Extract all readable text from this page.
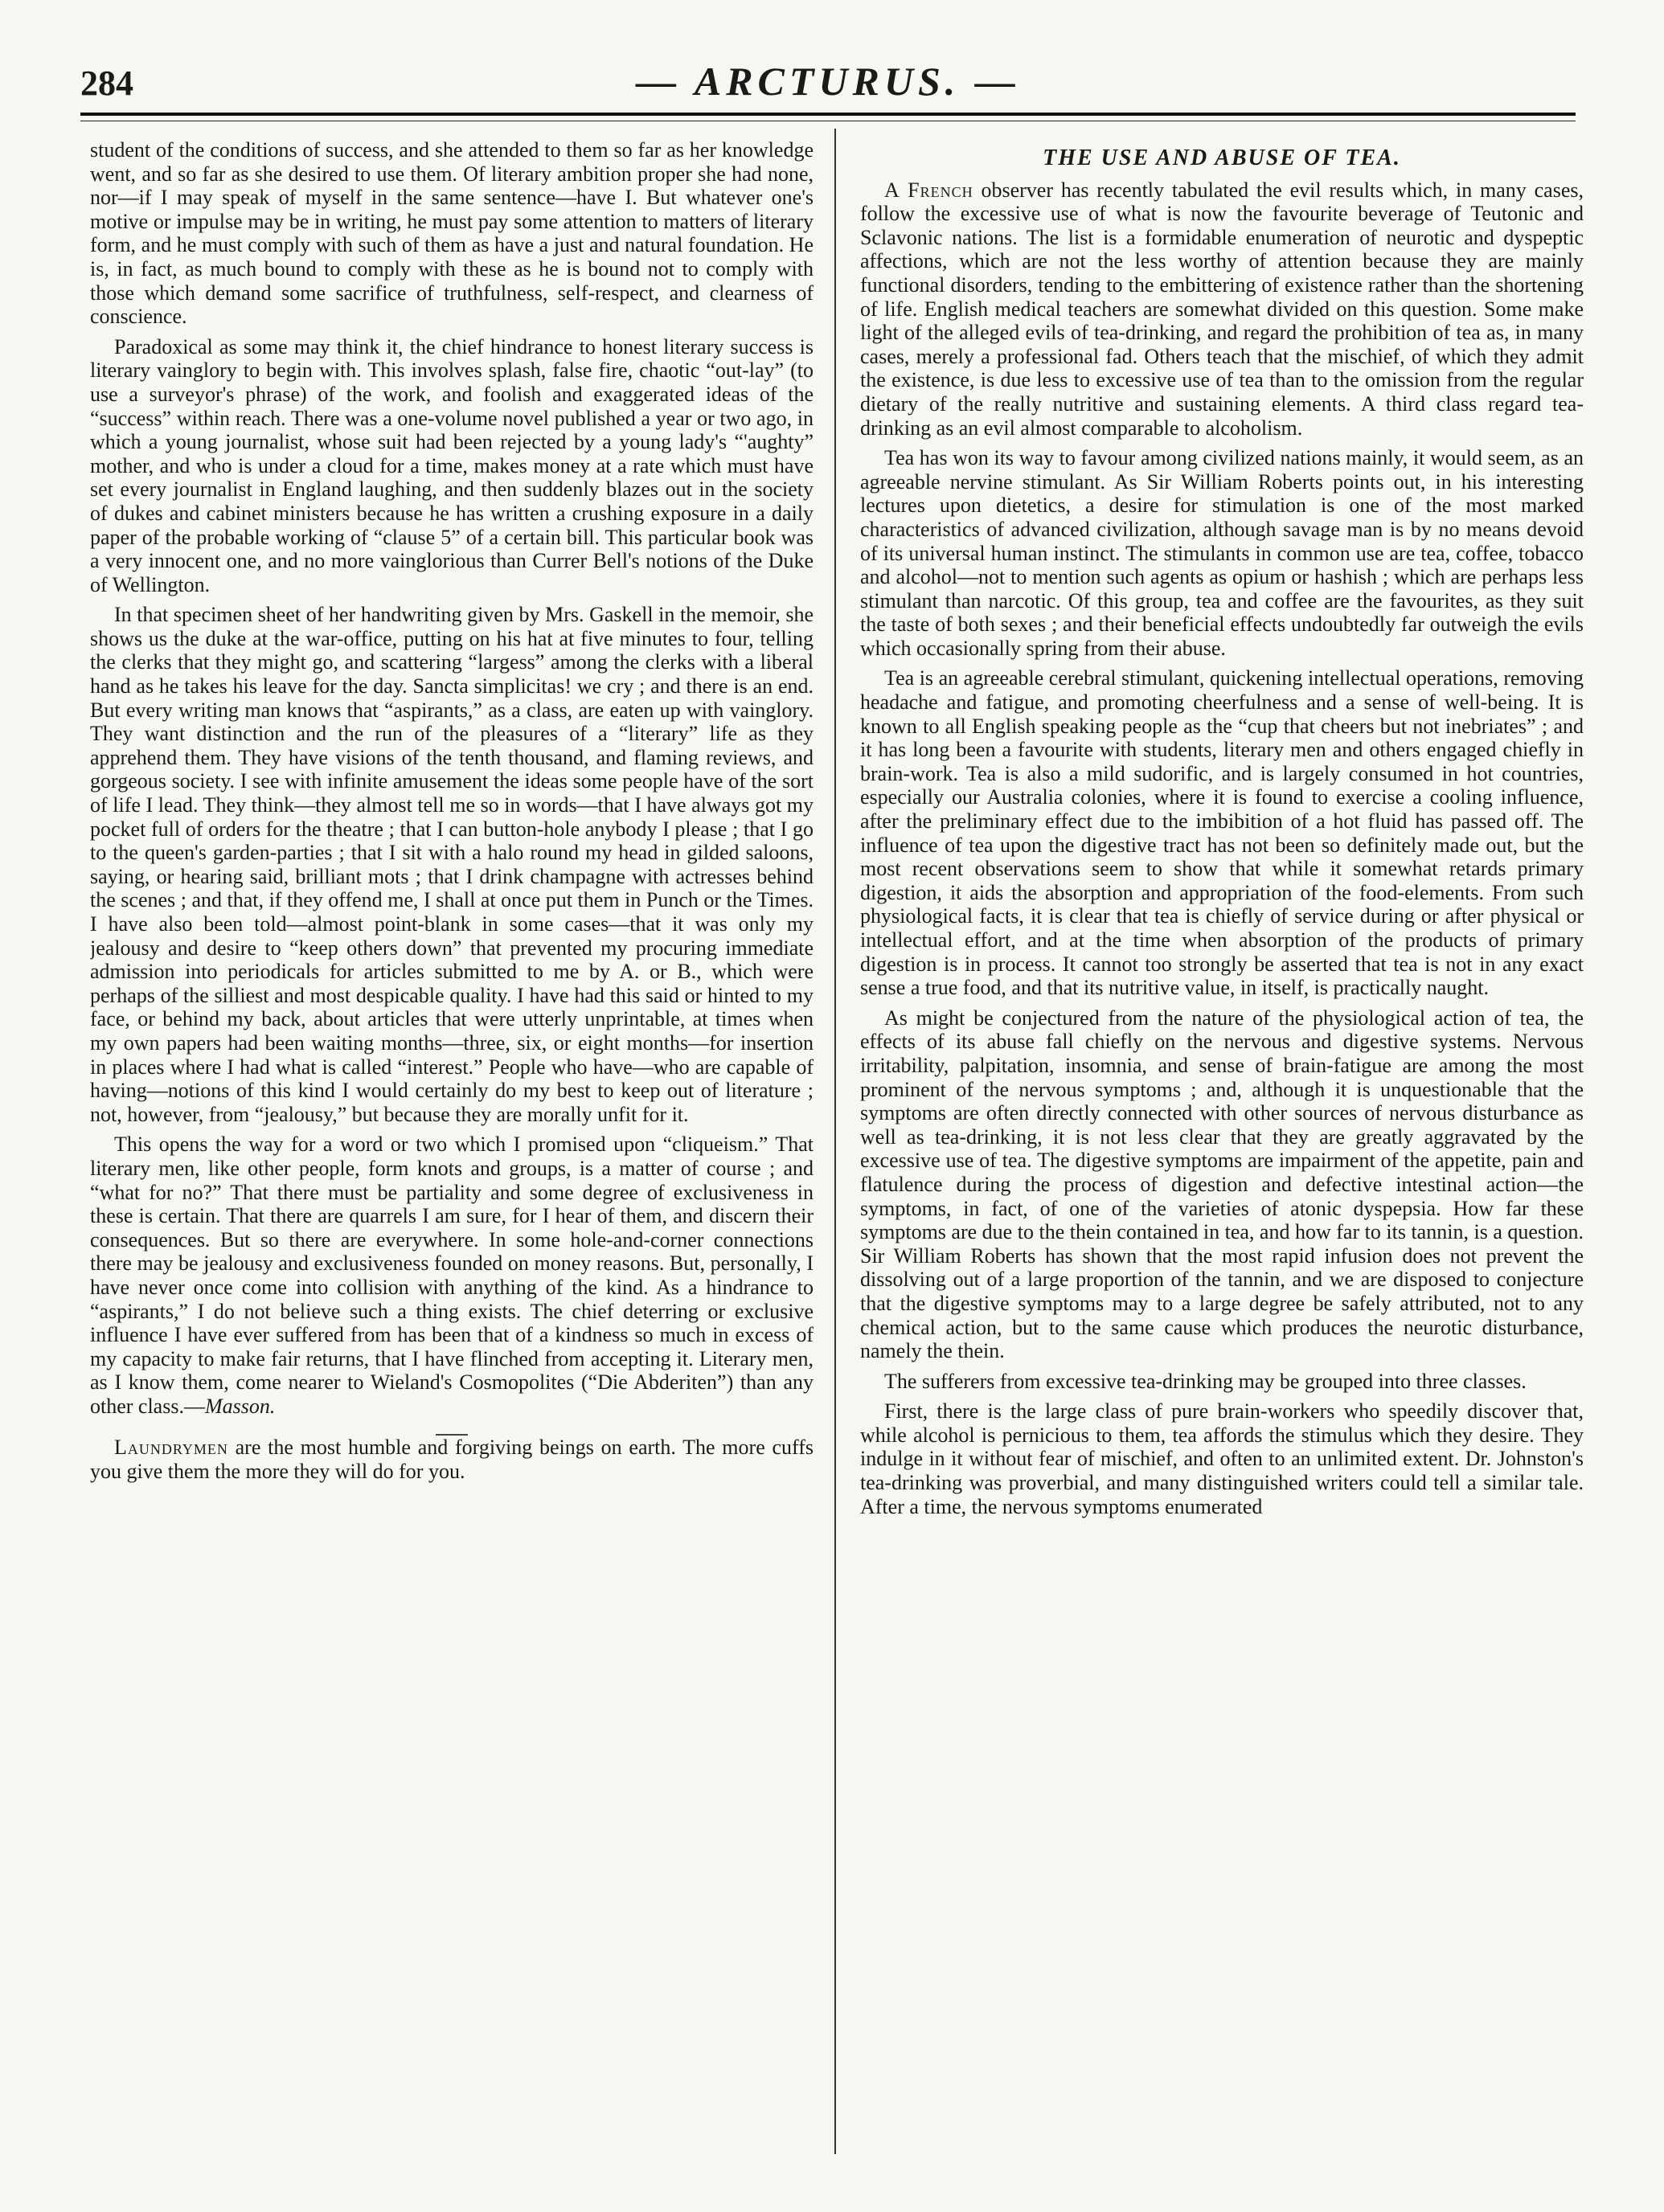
284	— ARCTURUS. —

student of the conditions of success, and she attended to them so far as her knowledge went, and so far as she desired to use them. Of literary ambition proper she had none, nor—if I may speak of myself in the same sentence—have I. But whatever one's motive or impulse may be in writing, he must pay some attention to matters of literary form, and he must comply with such of them as have a just and natural foundation. He is, in fact, as much bound to comply with these as he is bound not to comply with those which demand some sacrifice of truthfulness, self-respect, and clearness of conscience.

Paradoxical as some may think it, the chief hindrance to honest literary success is literary vainglory to begin with. This involves splash, false fire, chaotic “out-lay” (to use a surveyor's phrase) of the work, and foolish and exaggerated ideas of the “success” within reach. There was a one-volume novel published a year or two ago, in which a young journalist, whose suit had been rejected by a young lady's “'aughty” mother, and who is under a cloud for a time, makes money at a rate which must have set every journalist in England laughing, and then suddenly blazes out in the society of dukes and cabinet ministers because he has written a crushing exposure in a daily paper of the probable working of “clause 5” of a certain bill. This particular book was a very innocent one, and no more vainglorious than Currer Bell's notions of the Duke of Wellington.

In that specimen sheet of her handwriting given by Mrs. Gaskell in the memoir, she shows us the duke at the war-office, putting on his hat at five minutes to four, telling the clerks that they might go, and scattering “largess” among the clerks with a liberal hand as he takes his leave for the day. Sancta simplicitas! we cry ; and there is an end. But every writing man knows that “aspirants,” as a class, are eaten up with vainglory. They want distinction and the run of the pleasures of a “literary” life as they apprehend them. They have visions of the tenth thousand, and flaming reviews, and gorgeous society. I see with infinite amusement the ideas some people have of the sort of life I lead. They think—they almost tell me so in words—that I have always got my pocket full of orders for the theatre ; that I can button-hole anybody I please ; that I go to the queen's garden-parties ; that I sit with a halo round my head in gilded saloons, saying, or hearing said, brilliant mots ; that I drink champagne with actresses behind the scenes ; and that, if they offend me, I shall at once put them in Punch or the Times. I have also been told—almost point-blank in some cases—that it was only my jealousy and desire to “keep others down” that prevented my procuring immediate admission into periodicals for articles submitted to me by A. or B., which were perhaps of the silliest and most despicable quality. I have had this said or hinted to my face, or behind my back, about articles that were utterly unprintable, at times when my own papers had been waiting months—three, six, or eight months—for insertion in places where I had what is called “interest.” People who have—who are capable of having—notions of this kind I would certainly do my best to keep out of literature ; not, however, from “jealousy,” but because they are morally unfit for it.

This opens the way for a word or two which I promised upon “cliqueism.” That literary men, like other people, form knots and groups, is a matter of course ; and “what for no?” That there must be partiality and some degree of exclusiveness in these is certain. That there are quarrels I am sure, for I hear of them, and discern their consequences. But so there are everywhere. In some hole-and-corner connections there may be jealousy and exclusiveness founded on money reasons. But, personally, I have never once come into collision with anything of the kind. As a hindrance to “aspirants,” I do not believe such a thing exists. The chief deterring or exclusive influence I have ever suffered from has been that of a kindness so much in excess of my capacity to make fair returns, that I have flinched from accepting it. Literary men, as I know them, come nearer to Wieland's Cosmopolites (“Die Abderiten”) than any other class.—Masson.

Laundrymen are the most humble and forgiving beings on earth. The more cuffs you give them the more they will do for you.

THE USE AND ABUSE OF TEA.

A French observer has recently tabulated the evil results which, in many cases, follow the excessive use of what is now the favourite beverage of Teutonic and Sclavonic nations. The list is a formidable enumeration of neurotic and dyspeptic affections, which are not the less worthy of attention because they are mainly functional disorders, tending to the embittering of existence rather than the shortening of life. English medical teachers are somewhat divided on this question. Some make light of the alleged evils of tea-drinking, and regard the prohibition of tea as, in many cases, merely a professional fad. Others teach that the mischief, of which they admit the existence, is due less to excessive use of tea than to the omission from the regular dietary of the really nutritive and sustaining elements. A third class regard tea-drinking as an evil almost comparable to alcoholism.

Tea has won its way to favour among civilized nations mainly, it would seem, as an agreeable nervine stimulant. As Sir William Roberts points out, in his interesting lectures upon dietetics, a desire for stimulation is one of the most marked characteristics of advanced civilization, although savage man is by no means devoid of its universal human instinct. The stimulants in common use are tea, coffee, tobacco and alcohol—not to mention such agents as opium or hashish ; which are perhaps less stimulant than narcotic. Of this group, tea and coffee are the favourites, as they suit the taste of both sexes ; and their beneficial effects undoubtedly far outweigh the evils which occasionally spring from their abuse.

Tea is an agreeable cerebral stimulant, quickening intellectual operations, removing headache and fatigue, and promoting cheerfulness and a sense of well-being. It is known to all English speaking people as the “cup that cheers but not inebriates” ; and it has long been a favourite with students, literary men and others engaged chiefly in brain-work. Tea is also a mild sudorific, and is largely consumed in hot countries, especially our Australia colonies, where it is found to exercise a cooling influence, after the preliminary effect due to the imbibition of a hot fluid has passed off. The influence of tea upon the digestive tract has not been so definitely made out, but the most recent observations seem to show that while it somewhat retards primary digestion, it aids the absorption and appropriation of the food-elements. From such physiological facts, it is clear that tea is chiefly of service during or after physical or intellectual effort, and at the time when absorption of the products of primary digestion is in process. It cannot too strongly be asserted that tea is not in any exact sense a true food, and that its nutritive value, in itself, is practically naught.

As might be conjectured from the nature of the physiological action of tea, the effects of its abuse fall chiefly on the nervous and digestive systems. Nervous irritability, palpitation, insomnia, and sense of brain-fatigue are among the most prominent of the nervous symptoms ; and, although it is unquestionable that the symptoms are often directly connected with other sources of nervous disturbance as well as tea-drinking, it is not less clear that they are greatly aggravated by the excessive use of tea. The digestive symptoms are impairment of the appetite, pain and flatulence during the process of digestion and defective intestinal action—the symptoms, in fact, of one of the varieties of atonic dyspepsia. How far these symptoms are due to the thein contained in tea, and how far to its tannin, is a question. Sir William Roberts has shown that the most rapid infusion does not prevent the dissolving out of a large proportion of the tannin, and we are disposed to conjecture that the digestive symptoms may to a large degree be safely attributed, not to any chemical action, but to the same cause which produces the neurotic disturbance, namely the thein.

The sufferers from excessive tea-drinking may be grouped into three classes.

First, there is the large class of pure brain-workers who speedily discover that, while alcohol is pernicious to them, tea affords the stimulus which they desire. They indulge in it without fear of mischief, and often to an unlimited extent. Dr. Johnston's tea-drinking was proverbial, and many distinguished writers could tell a similar tale. After a time, the nervous symptoms enumerated
